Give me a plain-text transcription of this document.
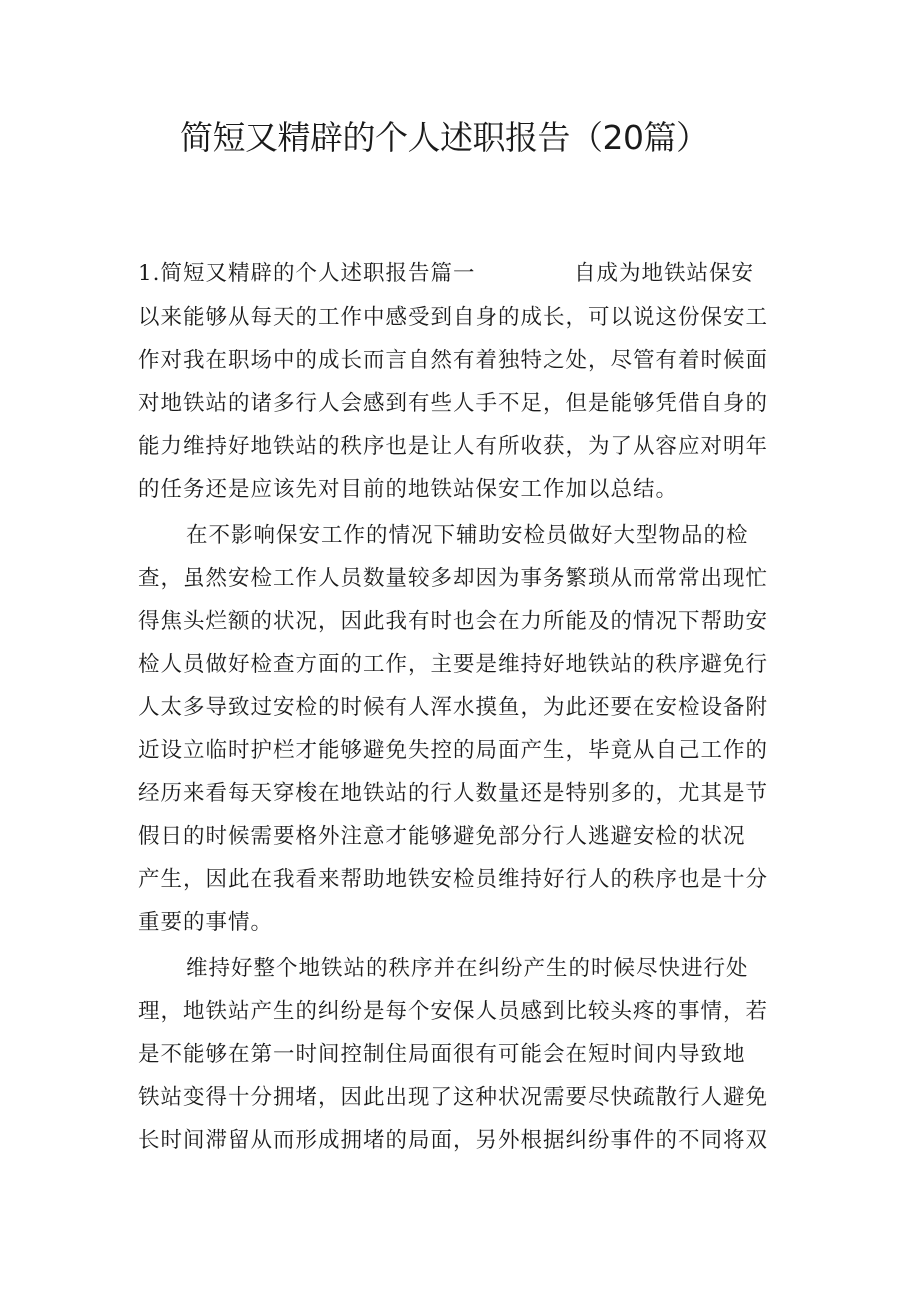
简短又精辟的个人述职报告（20篇）
1.简短又精辟的个人述职报告篇一	自成为地铁站保安
以来能够从每天的工作中感受到自身的成长，可以说这份保安工
作对我在职场中的成长而言自然有着独特之处，尽管有着时候面
对地铁站的诸多行人会感到有些人手不足，但是能够凭借自身的
能力维持好地铁站的秩序也是让人有所收获，为了从容应对明年
的任务还是应该先对目前的地铁站保安工作加以总结。
在不影响保安工作的情况下辅助安检员做好大型物品的检
查，虽然安检工作人员数量较多却因为事务繁琐从而常常出现忙
得焦头烂额的状况，因此我有时也会在力所能及的情况下帮助安
检人员做好检查方面的工作，主要是维持好地铁站的秩序避免行
人太多导致过安检的时候有人浑水摸鱼，为此还要在安检设备附
近设立临时护栏才能够避免失控的局面产生，毕竟从自己工作的
经历来看每天穿梭在地铁站的行人数量还是特别多的，尤其是节
假日的时候需要格外注意才能够避免部分行人逃避安检的状况
产生，因此在我看来帮助地铁安检员维持好行人的秩序也是十分
重要的事情。
维持好整个地铁站的秩序并在纠纷产生的时候尽快进行处
理，地铁站产生的纠纷是每个安保人员感到比较头疼的事情，若
是不能够在第一时间控制住局面很有可能会在短时间内导致地
铁站变得十分拥堵，因此出现了这种状况需要尽快疏散行人避免
长时间滞留从而形成拥堵的局面，另外根据纠纷事件的不同将双
